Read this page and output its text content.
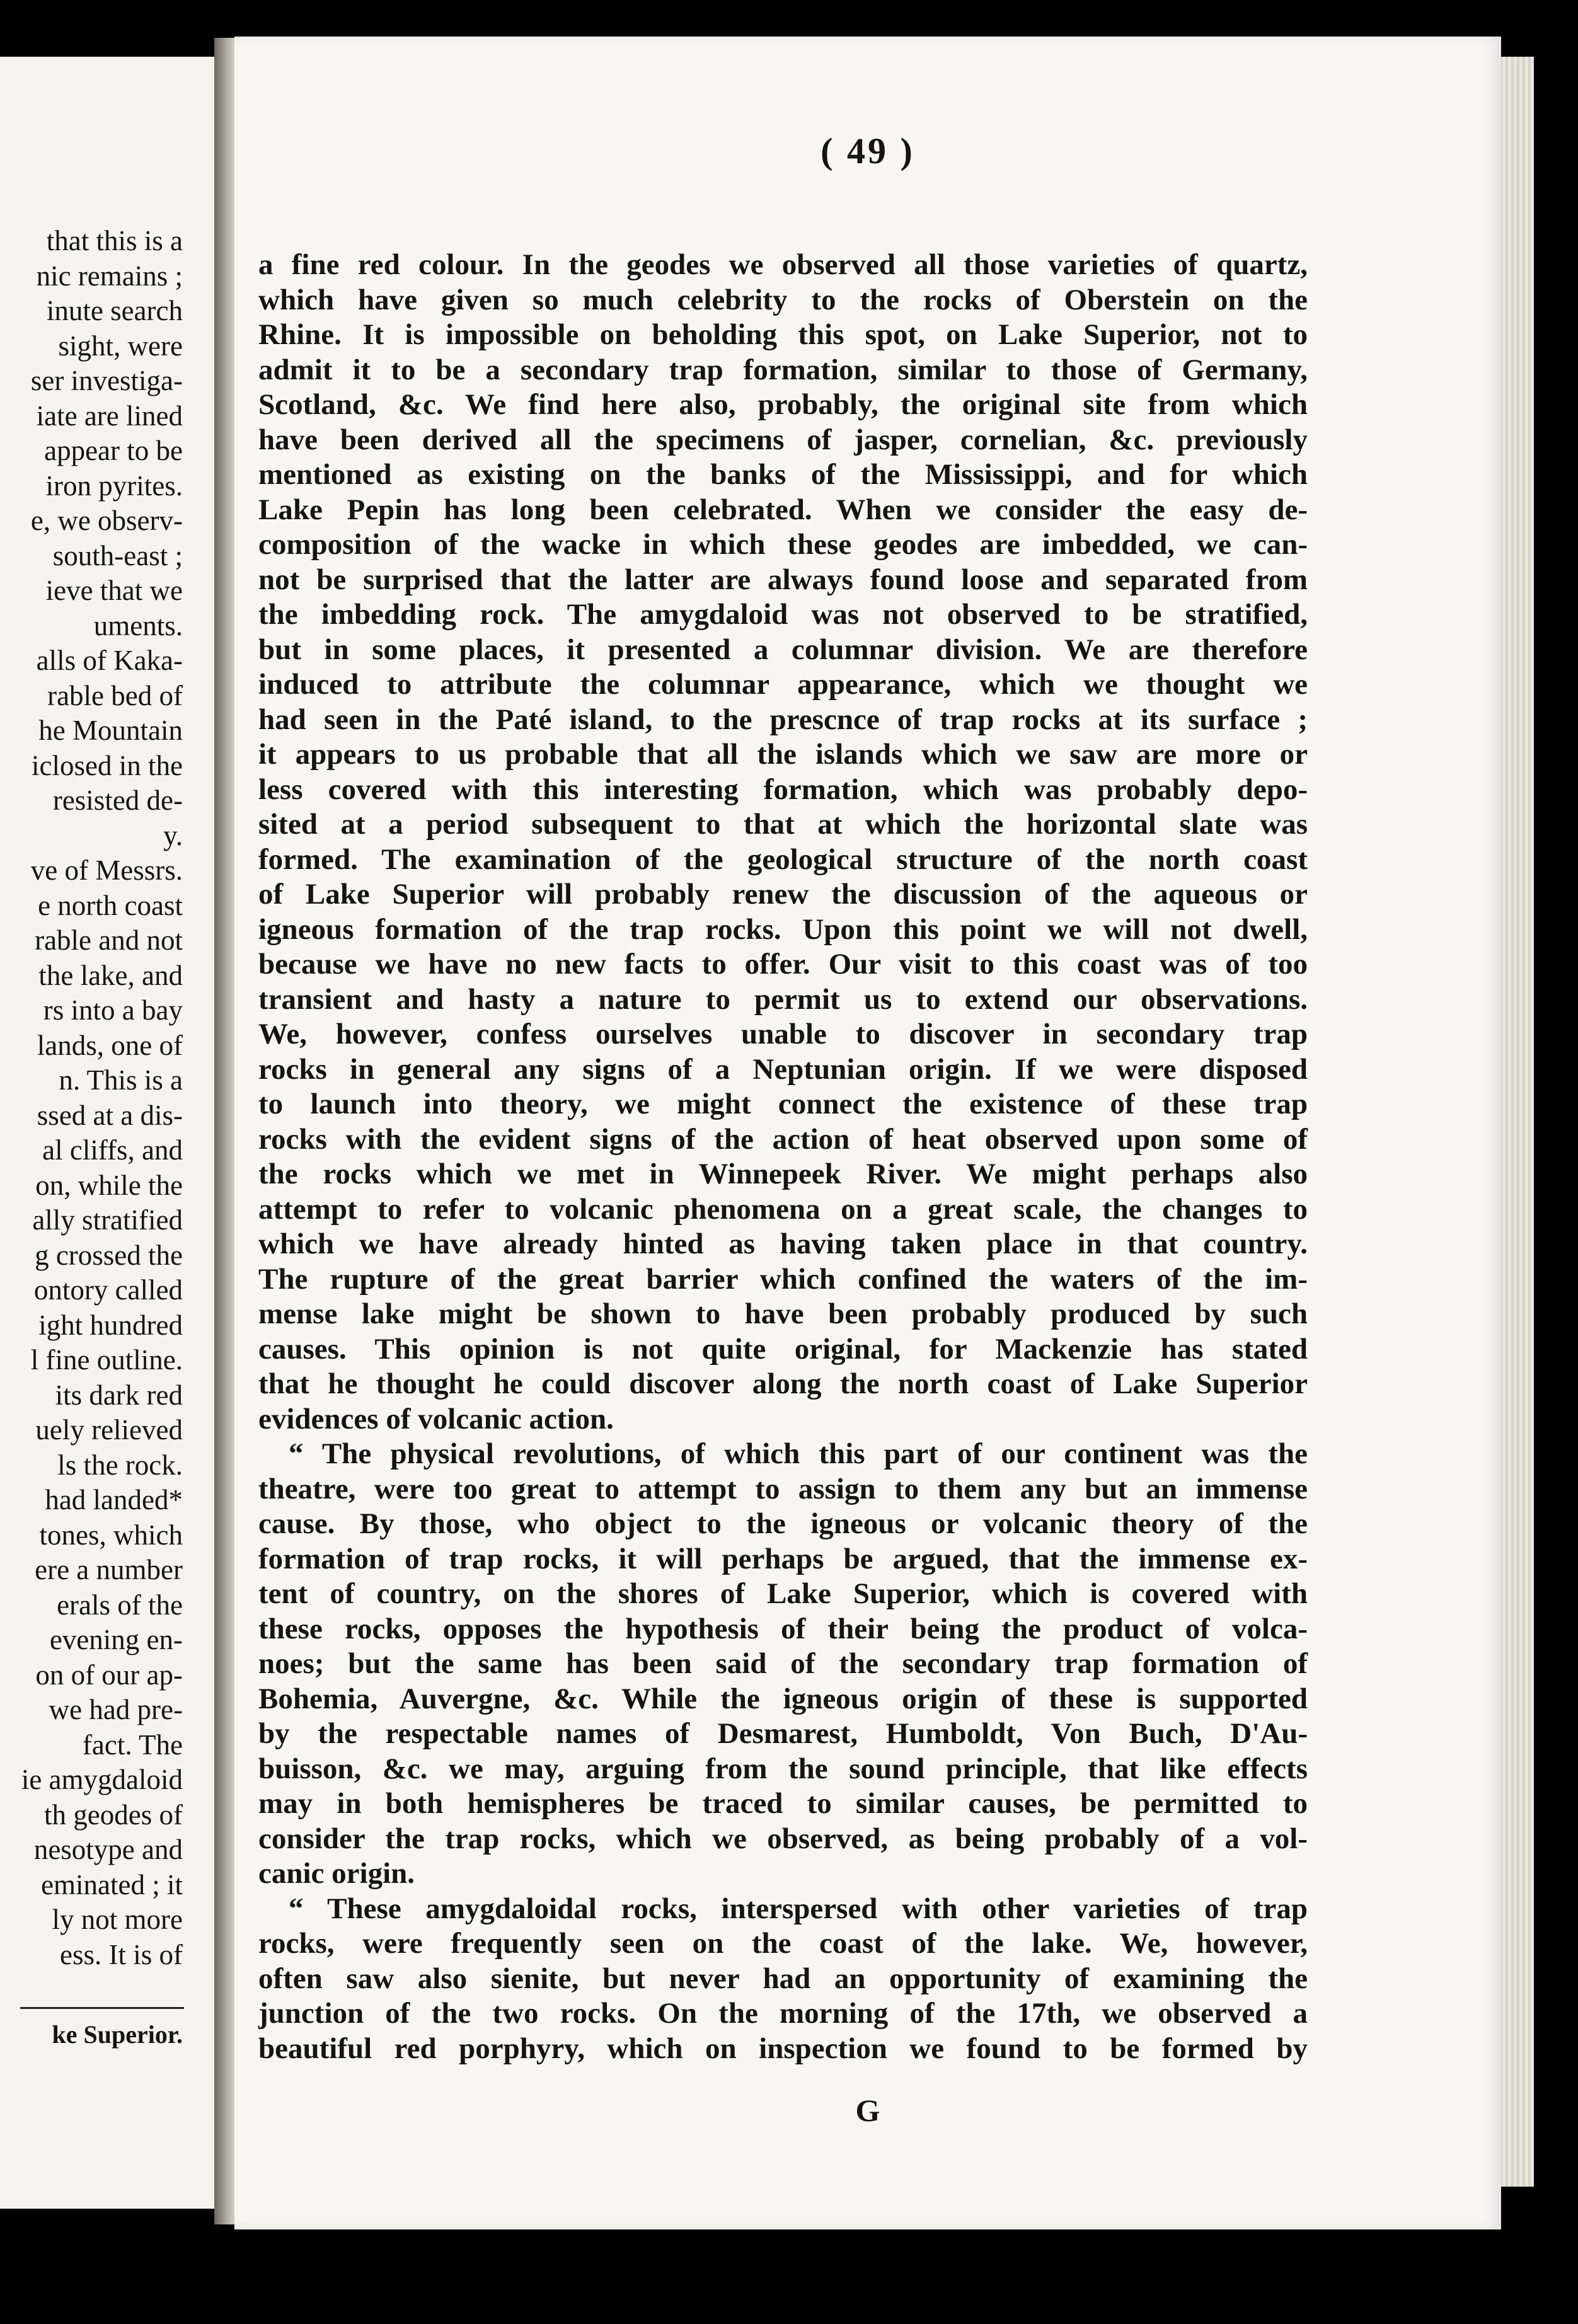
that this is a
nic remains ;
inute search
sight, were
ser investiga-
iate are lined
appear to be
iron pyrites.
e, we observ-
south-east ;
ieve that we
uments.
alls of Kaka-
rable bed of
he Mountain
iclosed in the
resisted de-
y.
ve of Messrs.
e north coast
rable and not
the lake, and
rs into a bay
lands, one of
n. This is a
ssed at a dis-
al cliffs, and
on, while the
ally stratified
g crossed the
ontory called
ight hundred
l fine outline.
its dark red
uely relieved
ls the rock.
had landed*
tones, which
ere a number
erals of the
evening en-
on of our ap-
we had pre-
fact. The
ie amygdaloid
th geodes of
nesotype and
eminated ; it
ly not more
ess. It is of
ke Superior.
( 49 )
a fine red colour. In the geodes we observed all those varieties of quartz,
which have given so much celebrity to the rocks of Oberstein on the
Rhine. It is impossible on beholding this spot, on Lake Superior, not to
admit it to be a secondary trap formation, similar to those of Germany,
Scotland, &c. We find here also, probably, the original site from which
have been derived all the specimens of jasper, cornelian, &c. previously
mentioned as existing on the banks of the Mississippi, and for which
Lake Pepin has long been celebrated. When we consider the easy de-
composition of the wacke in which these geodes are imbedded, we can-
not be surprised that the latter are always found loose and separated from
the imbedding rock. The amygdaloid was not observed to be stratified,
but in some places, it presented a columnar division. We are therefore
induced to attribute the columnar appearance, which we thought we
had seen in the Paté island, to the prescnce of trap rocks at its surface ;
it appears to us probable that all the islands which we saw are more or
less covered with this interesting formation, which was probably depo-
sited at a period subsequent to that at which the horizontal slate was
formed. The examination of the geological structure of the north coast
of Lake Superior will probably renew the discussion of the aqueous or
igneous formation of the trap rocks. Upon this point we will not dwell,
because we have no new facts to offer. Our visit to this coast was of too
transient and hasty a nature to permit us to extend our observations.
We, however, confess ourselves unable to discover in secondary trap
rocks in general any signs of a Neptunian origin. If we were disposed
to launch into theory, we might connect the existence of these trap
rocks with the evident signs of the action of heat observed upon some of
the rocks which we met in Winnepeek River. We might perhaps also
attempt to refer to volcanic phenomena on a great scale, the changes to
which we have already hinted as having taken place in that country.
The rupture of the great barrier which confined the waters of the im-
mense lake might be shown to have been probably produced by such
causes. This opinion is not quite original, for Mackenzie has stated
that he thought he could discover along the north coast of Lake Superior
evidences of volcanic action.
“ The physical revolutions, of which this part of our continent was the
theatre, were too great to attempt to assign to them any but an immense
cause. By those, who object to the igneous or volcanic theory of the
formation of trap rocks, it will perhaps be argued, that the immense ex-
tent of country, on the shores of Lake Superior, which is covered with
these rocks, opposes the hypothesis of their being the product of volca-
noes; but the same has been said of the secondary trap formation of
Bohemia, Auvergne, &c. While the igneous origin of these is supported
by the respectable names of Desmarest, Humboldt, Von Buch, D'Au-
buisson, &c. we may, arguing from the sound principle, that like effects
may in both hemispheres be traced to similar causes, be permitted to
consider the trap rocks, which we observed, as being probably of a vol-
canic origin.
“ These amygdaloidal rocks, interspersed with other varieties of trap
rocks, were frequently seen on the coast of the lake. We, however,
often saw also sienite, but never had an opportunity of examining the
junction of the two rocks. On the morning of the 17th, we observed a
beautiful red porphyry, which on inspection we found to be formed by
G
